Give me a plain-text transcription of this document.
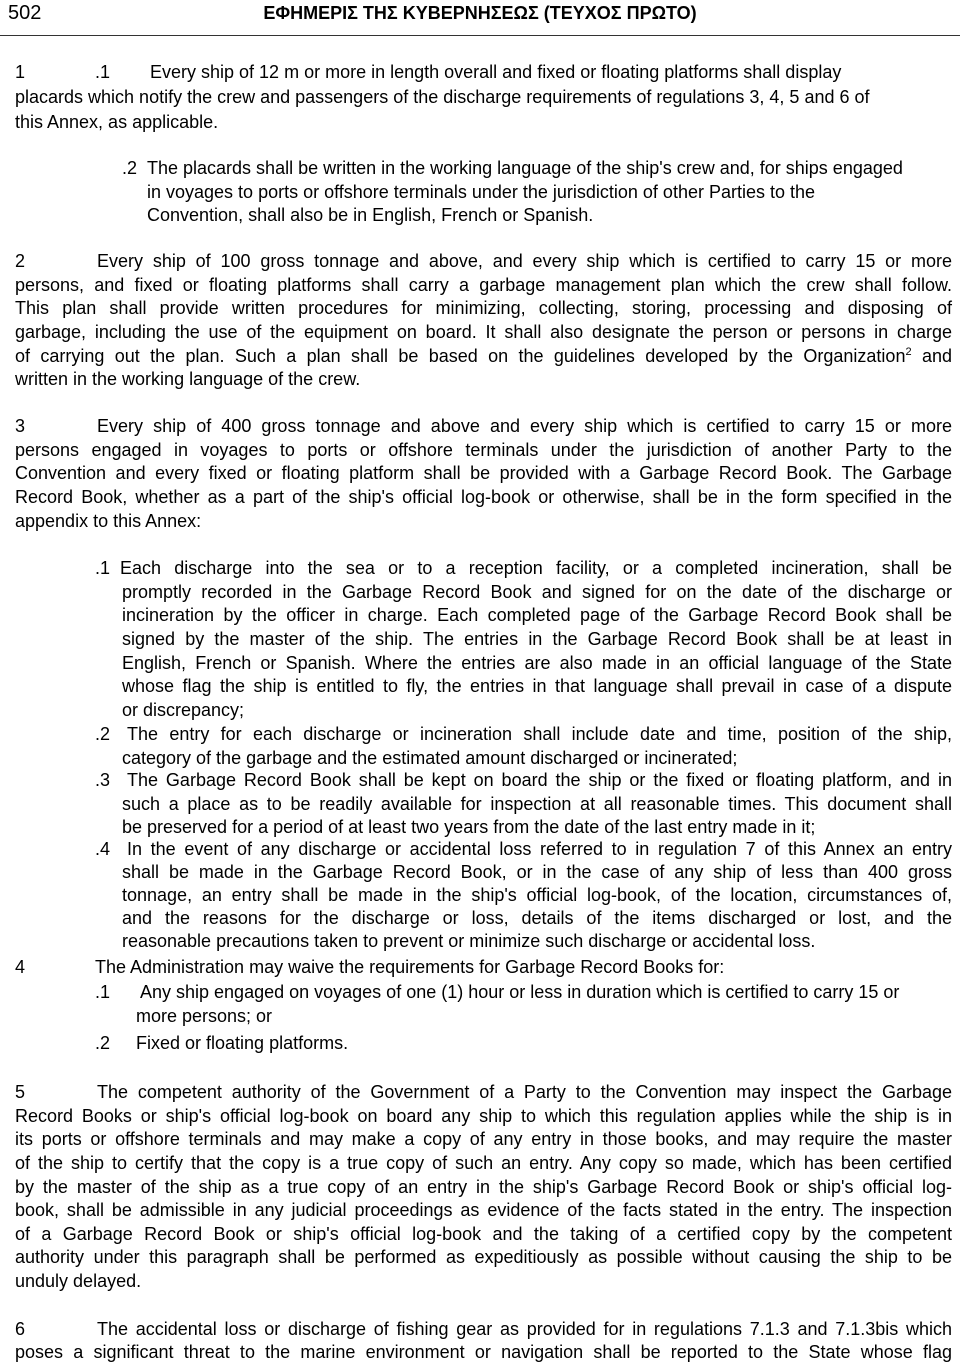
502	ΕΦΗΜΕΡΙΣ ΤΗΣ ΚΥΒΕΡΝΗΣΕΩΣ (ΤΕΥΧΟΣ ΠΡΩΤΟ)
1	.1	Every ship of 12 m or more in length overall and fixed or floating platforms shall display
placards which notify the crew and passengers of the discharge requirements of regulations 3, 4, 5 and 6 of
this Annex, as applicable.
.2 The placards shall be written in the working language of the ship's crew and, for ships engaged
in voyages to ports or offshore terminals under the jurisdiction of other Parties to the
Convention, shall also be in English, French or Spanish.
2	Every ship of 100 gross tonnage and above, and every ship which is certified to carry 15 or more
persons, and fixed or floating platforms shall carry a garbage management plan which the crew shall follow.
This plan shall provide written procedures for minimizing, collecting, storing, processing and disposing of
garbage, including the use of the equipment on board. It shall also designate the person or persons in charge
of carrying out the plan. Such a plan shall be based on the guidelines developed by the Organization$^2$ and
written in the working language of the crew.
3	Every ship of 400 gross tonnage and above and every ship which is certified to carry 15 or more
persons engaged in voyages to ports or offshore terminals under the jurisdiction of another Party to the
Convention and every fixed or floating platform shall be provided with a Garbage Record Book. The Garbage
Record Book, whether as a part of the ship's official log-book or otherwise, shall be in the form specified in the
appendix to this Annex:
.1 Each discharge into the sea or to a reception facility, or a completed incineration, shall be
promptly recorded in the Garbage Record Book and signed for on the date of the discharge or
incineration by the officer in charge. Each completed page of the Garbage Record Book shall be
signed by the master of the ship. The entries in the Garbage Record Book shall be at least in
English, French or Spanish. Where the entries are also made in an official language of the State
whose flag the ship is entitled to fly, the entries in that language shall prevail in case of a dispute
or discrepancy;
.2 The entry for each discharge or incineration shall include date and time, position of the ship,
category of the garbage and the estimated amount discharged or incinerated;
.3 The Garbage Record Book shall be kept on board the ship or the fixed or floating platform, and in
such a place as to be readily available for inspection at all reasonable times. This document shall
be preserved for a period of at least two years from the date of the last entry made in it;
.4 In the event of any discharge or accidental loss referred to in regulation 7 of this Annex an entry
shall be made in the Garbage Record Book, or in the case of any ship of less than 400 gross
tonnage, an entry shall be made in the ship's official log-book, of the location, circumstances of,
and the reasons for the discharge or loss, details of the items discharged or lost, and the
reasonable precautions taken to prevent or minimize such discharge or accidental loss.
4	The Administration may waive the requirements for Garbage Record Books for:
.1	Any ship engaged on voyages of one (1) hour or less in duration which is certified to carry 15 or
more persons; or
.2	Fixed or floating platforms.
5	The competent authority of the Government of a Party to the Convention may inspect the Garbage
Record Books or ship's official log-book on board any ship to which this regulation applies while the ship is in
its ports or offshore terminals and may make a copy of any entry in those books, and may require the master
of the ship to certify that the copy is a true copy of such an entry. Any copy so made, which has been certified
by the master of the ship as a true copy of an entry in the ship's Garbage Record Book or ship's official log-
book, shall be admissible in any judicial proceedings as evidence of the facts stated in the entry. The inspection
of a Garbage Record Book or ship's official log-book and the taking of a certified copy by the competent
authority under this paragraph shall be performed as expeditiously as possible without causing the ship to be
unduly delayed.
6	The accidental loss or discharge of fishing gear as provided for in regulations 7.1.3 and 7.1.3bis which
poses a significant threat to the marine environment or navigation shall be reported to the State whose flag
